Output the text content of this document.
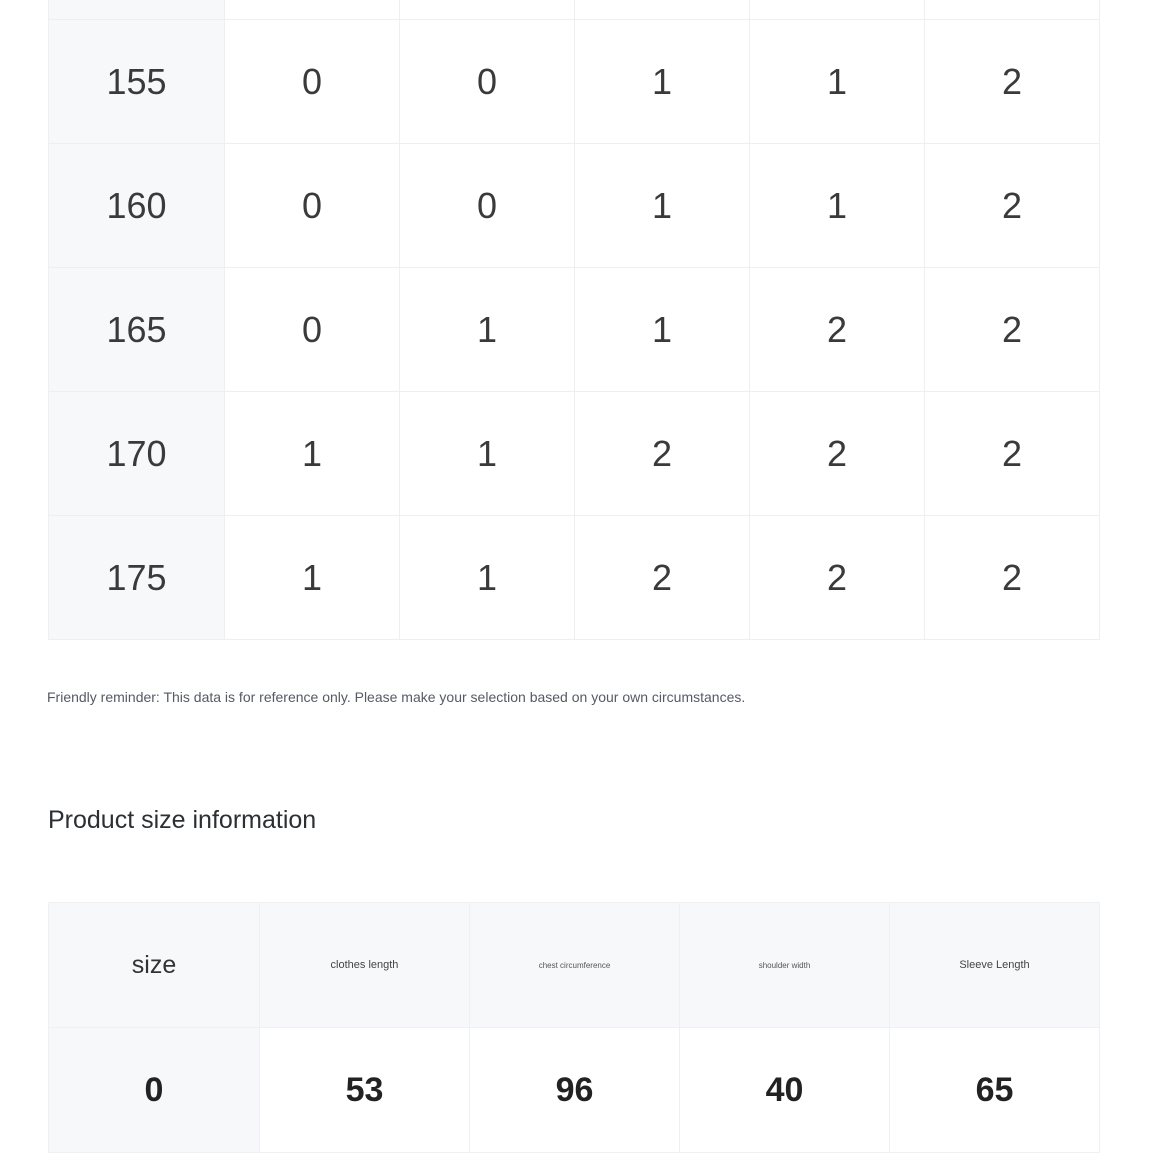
155	0	0	1	1	2
160	0	0	1	1	2
165	0	1	1	2	2
170	1	1	2	2	2
175	1	1	2	2	2

Friendly reminder: This data is for reference only. Please make your selection based on your own circumstances.

Product size information
size	clothes length	chest circumference	shoulder width	Sleeve Length
0	53	96	40	65
